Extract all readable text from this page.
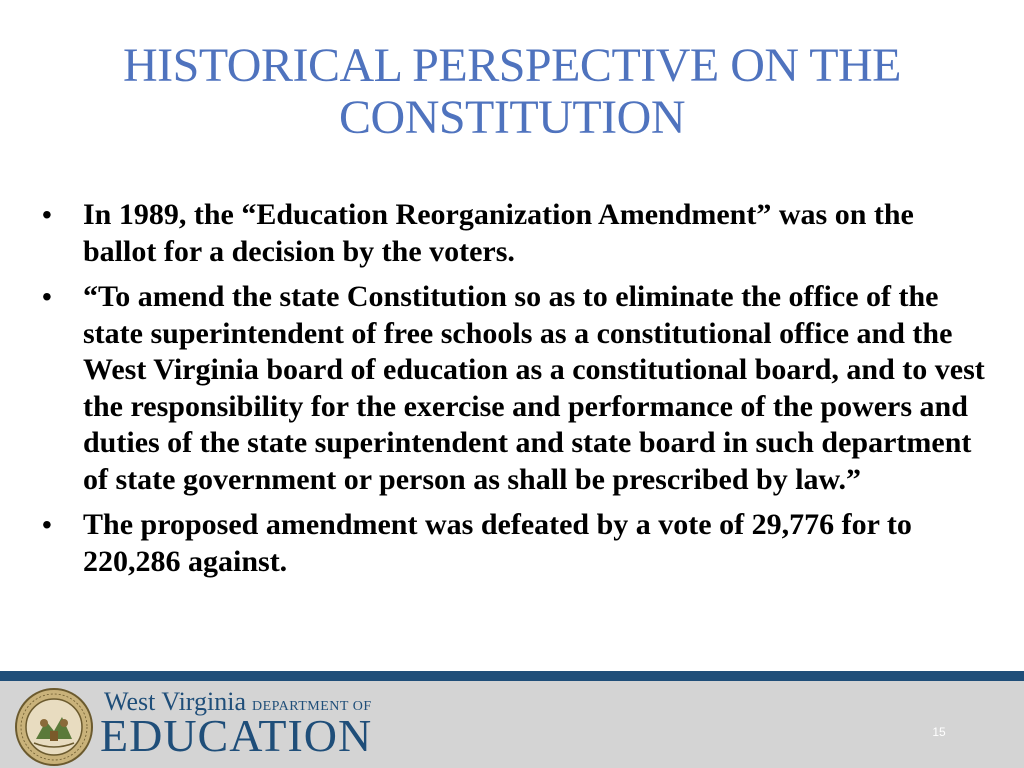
HISTORICAL PERSPECTIVE ON THE
CONSTITUTION
• In 1989, the “Education Reorganization Amendment” was on the ballot for a decision by the voters.
• “To amend the state Constitution so as to eliminate the office of the state superintendent of free schools as a constitutional office and the West Virginia board of education as a constitutional board, and to vest the responsibility for the exercise and performance of the powers and duties of the state superintendent and state board in such department of state government or person as shall be prescribed by law.”
• The proposed amendment was defeated by a vote of 29,776 for to 220,286 against.
West Virginia DEPARTMENT OF
EDUCATION	15
